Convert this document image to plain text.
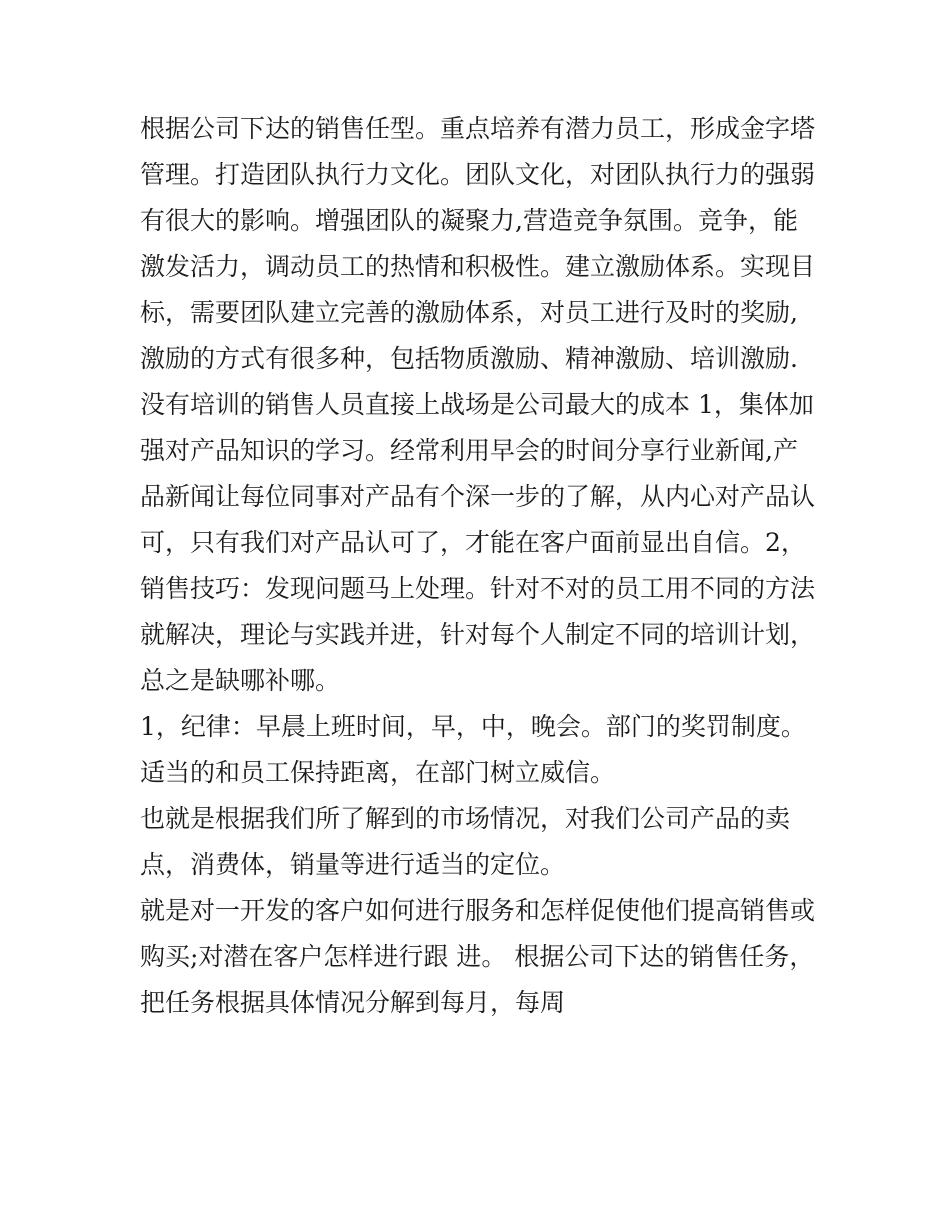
根据公司下达的销售任型。重点培养有潜力员工，形成金字塔
管理。打造团队执行力文化。团队文化，对团队执行力的强弱
有很大的影响。增强团队的凝聚力,营造竞争氛围。竞争，能
激发活力，调动员工的热情和积极性。建立激励体系。实现目
标，需要团队建立完善的激励体系，对员工进行及时的奖励,
激励的方式有很多种，包括物质激励、精神激励、培训激励.
没有培训的销售人员直接上战场是公司最大的成本 1，集体加
强对产品知识的学习。经常利用早会的时间分享行业新闻,产
品新闻让每位同事对产品有个深一步的了解，从内心对产品认
可，只有我们对产品认可了，才能在客户面前显出自信。2，
销售技巧：发现问题马上处理。针对不对的员工用不同的方法
就解决，理论与实践并进，针对每个人制定不同的培训计划，
总之是缺哪补哪。

1，纪律：早晨上班时间，早，中，晚会。部门的奖罚制度。
适当的和员工保持距离，在部门树立威信。

也就是根据我们所了解到的市场情况，对我们公司产品的卖
点，消费体，销量等进行适当的定位。

就是对一开发的客户如何进行服务和怎样促使他们提高销售或
购买;对潜在客户怎样进行跟 进。 根据公司下达的销售任务，
把任务根据具体情况分解到每月，每周
